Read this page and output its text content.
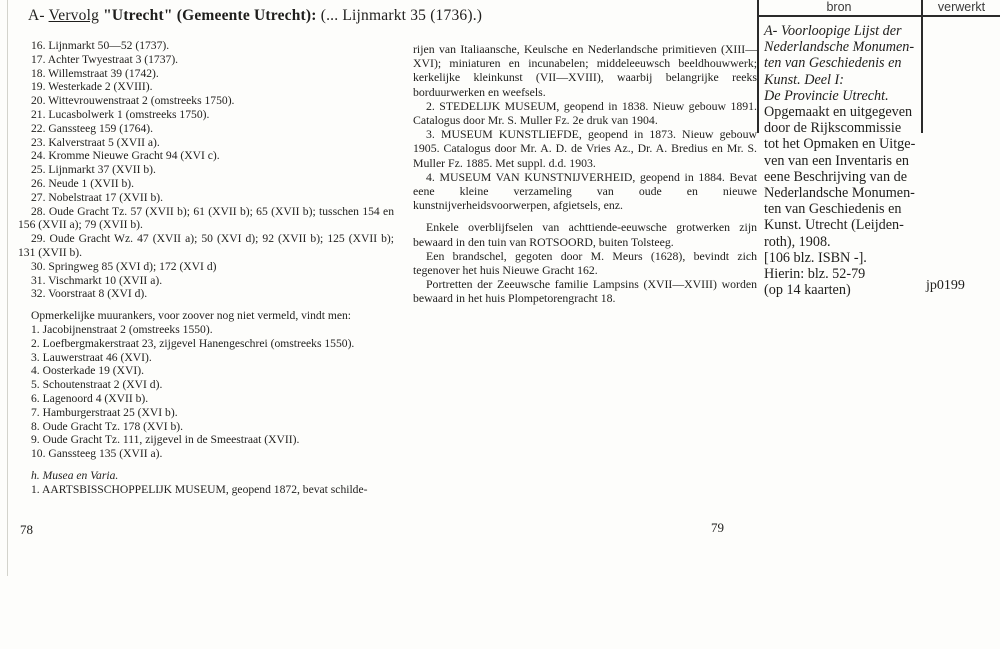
A- Vervolg "Utrecht" (Gemeente Utrecht): (... Lijnmarkt 35 (1736).)
16. Lijnmarkt 50—52 (1737).
17. Achter Twyestraat 3 (1737).
18. Willemstraat 39 (1742).
19. Westerkade 2 (XVIII).
20. Wittevrouwenstraat 2 (omstreeks 1750).
21. Lucasbolwerk 1 (omstreeks 1750).
22. Ganssteeg 159 (1764).
23. Kalverstraat 5 (XVII a).
24. Kromme Nieuwe Gracht 94 (XVI c).
25. Lijnmarkt 37 (XVII b).
26. Neude 1 (XVII b).
27. Nobelstraat 17 (XVII b).
28. Oude Gracht Tz. 57 (XVII b); 61 (XVII b); 65 (XVII b); tusschen 154 en 156 (XVII a); 79 (XVII b).
29. Oude Gracht Wz. 47 (XVII a); 50 (XVI d); 92 (XVII b); 125 (XVII b); 131 (XVII b).
30. Springweg 85 (XVI d); 172 (XVI d)
31. Vischmarkt 10 (XVII a).
32. Voorstraat 8 (XVI d).
Opmerkelijke muurankers, voor zoover nog niet vermeld, vindt men:
1. Jacobijnenstraat 2 (omstreeks 1550).
2. Loefbergmakerstraat 23, zijgevel Hanengeschrei (omstreeks 1550).
3. Lauwerstraat 46 (XVI).
4. Oosterkade 19 (XVI).
5. Schoutenstraat 2 (XVI d).
6. Lagenoord 4 (XVII b).
7. Hamburgerstraat 25 (XVI b).
8. Oude Gracht Tz. 178 (XVI b).
9. Oude Gracht Tz. 111, zijgevel in de Smeestraat (XVII).
10. Ganssteeg 135 (XVII a).
h. Musea en Varia.
1. AARTSBISSCHOPPELIJK MUSEUM, geopend 1872, bevat schilde-
rijen van Italiaansche, Keulsche en Nederlandsche primitieven (XIII—XVI); miniaturen en incunabelen; middeleeuwsch beeldhouwwerk; kerkelijke kleinkunst (VII—XVIII), waarbij belangrijke reeks borduurwerken en weefsels.
2. STEDELIJK MUSEUM, geopend in 1838. Nieuw gebouw 1891. Catalogus door Mr. S. Muller Fz. 2e druk van 1904.
3. MUSEUM KUNSTLIEFDE, geopend in 1873. Nieuw gebouw 1905. Catalogus door Mr. A. D. de Vries Az., Dr. A. Bredius en Mr. S. Muller Fz. 1885. Met suppl. d.d. 1903.
4. MUSEUM VAN KUNSTNIJVERHEID, geopend in 1884. Bevat eene kleine verzameling van oude en nieuwe kunstnijverheidsvoorwerpen, afgietsels, enz.
Enkele overblijfselen van achttiende-eeuwsche grotwerken zijn bewaard in den tuin van ROTSOORD, buiten Tolsteeg.
Een brandschel, gegoten door M. Meurs (1628), bevindt zich tegenover het huis Nieuwe Gracht 162.
Portretten der Zeeuwsche familie Lampsins (XVII—XVIII) worden bewaard in het huis Plompetorengracht 18.
bron	verwerkt
A- Voorloopige Lijst der
Nederlandsche Monumen-
ten van Geschiedenis en
Kunst. Deel I:
De Provincie Utrecht.
Opgemaakt en uitgegeven
door de Rijkscommissie
tot het Opmaken en Uitge-
ven van een Inventaris en
eene Beschrijving van de
Nederlandsche Monumen-
ten van Geschiedenis en
Kunst. Utrecht (Leijden-
roth), 1908.
[106 blz. ISBN -].
Hierin: blz. 52-79
(op 14 kaarten)	jp0199
78	79
